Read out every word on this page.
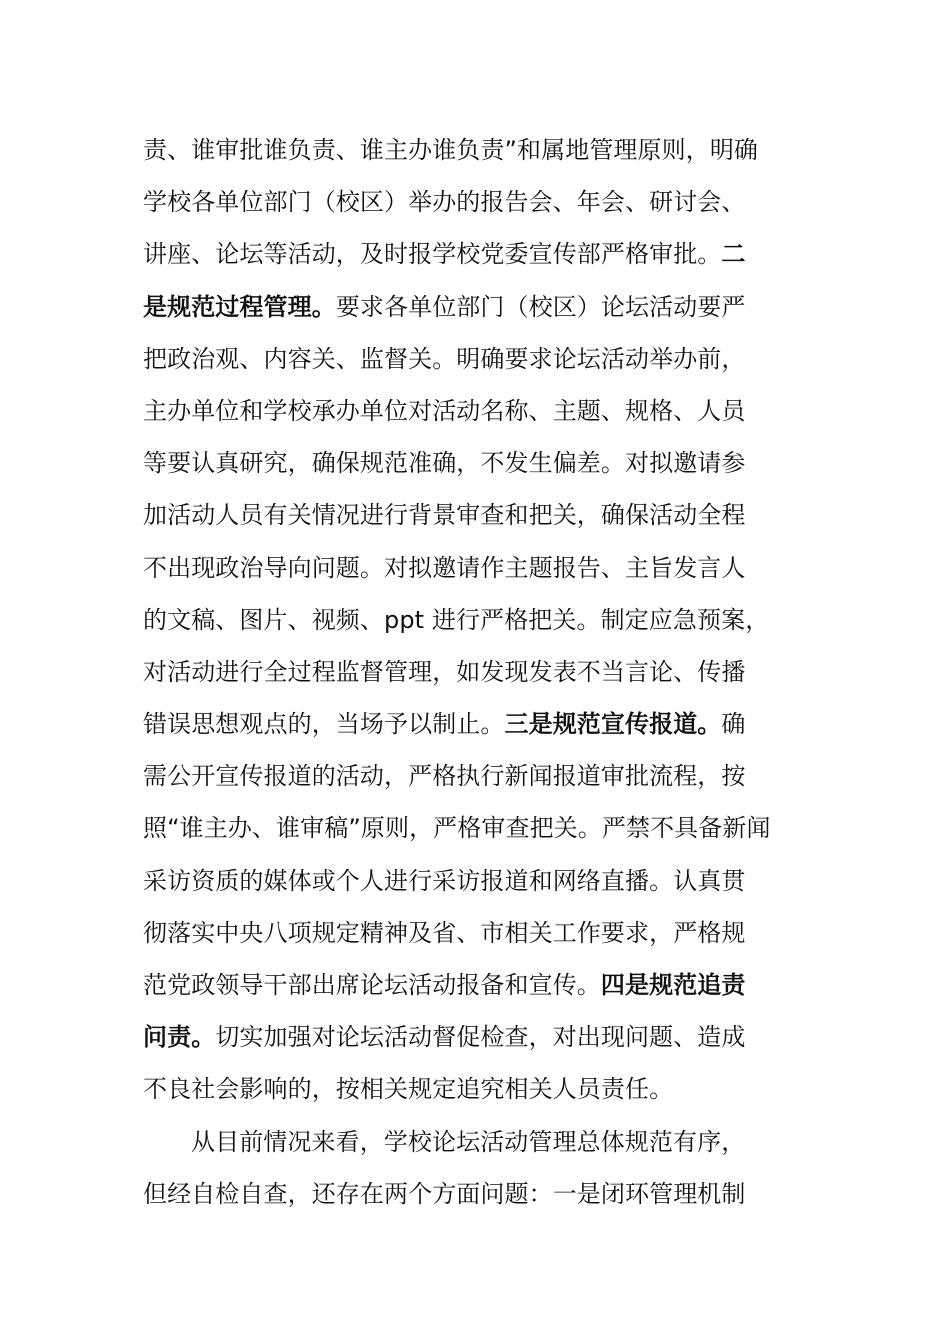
责、谁审批谁负责、谁主办谁负责”和属地管理原则，明确
学校各单位部门（校区）举办的报告会、年会、研讨会、
讲座、论坛等活动，及时报学校党委宣传部严格审批。二
是规范过程管理。要求各单位部门（校区）论坛活动要严
把政治观、内容关、监督关。明确要求论坛活动举办前，
主办单位和学校承办单位对活动名称、主题、规格、人员
等要认真研究，确保规范准确，不发生偏差。对拟邀请参
加活动人员有关情况进行背景审查和把关，确保活动全程
不出现政治导向问题。对拟邀请作主题报告、主旨发言人
的文稿、图片、视频、ppt 进行严格把关。制定应急预案，
对活动进行全过程监督管理，如发现发表不当言论、传播
错误思想观点的，当场予以制止。三是规范宣传报道。确
需公开宣传报道的活动，严格执行新闻报道审批流程，按
照“谁主办、谁审稿”原则，严格审查把关。严禁不具备新闻
采访资质的媒体或个人进行采访报道和网络直播。认真贯
彻落实中央八项规定精神及省、市相关工作要求，严格规
范党政领导干部出席论坛活动报备和宣传。四是规范追责
问责。切实加强对论坛活动督促检查，对出现问题、造成
不良社会影响的，按相关规定追究相关人员责任。
从目前情况来看，学校论坛活动管理总体规范有序，
但经自检自查，还存在两个方面问题：一是闭环管理机制
